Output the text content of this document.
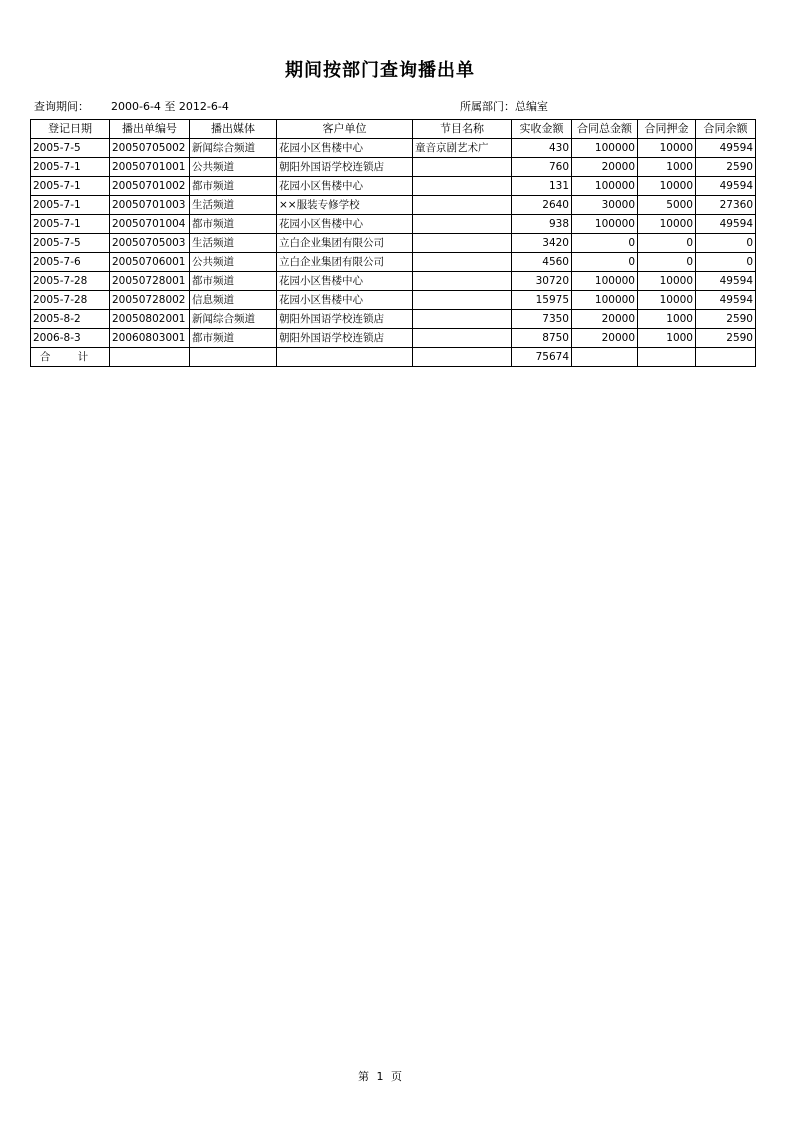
期间按部门查询播出单
查询期间： 2000-6-4 至 2012-6-4	所属部门：总编室
登记日期	播出单编号	播出媒体	客户单位	节目名称	实收金额	合同总金额	合同押金	合同余额
2005-7-5	20050705002	新闻综合频道	花园小区售楼中心	童音京剧艺术广	430	100000	10000	49594
2005-7-1	20050701001	公共频道	朝阳外国语学校连锁店		760	20000	1000	2590
2005-7-1	20050701002	都市频道	花园小区售楼中心		131	100000	10000	49594
2005-7-1	20050701003	生活频道	××服装专修学校		2640	30000	5000	27360
2005-7-1	20050701004	都市频道	花园小区售楼中心		938	100000	10000	49594
2005-7-5	20050705003	生活频道	立白企业集团有限公司		3420	0	0	0
2005-7-6	20050706001	公共频道	立白企业集团有限公司		4560	0	0	0
2005-7-28	20050728001	都市频道	花园小区售楼中心		30720	100000	10000	49594
2005-7-28	20050728002	信息频道	花园小区售楼中心		15975	100000	10000	49594
2005-8-2	20050802001	新闻综合频道	朝阳外国语学校连锁店		7350	20000	1000	2590
2006-8-3	20060803001	都市频道	朝阳外国语学校连锁店		8750	20000	1000	2590
合 计					75674			
第 1 页
